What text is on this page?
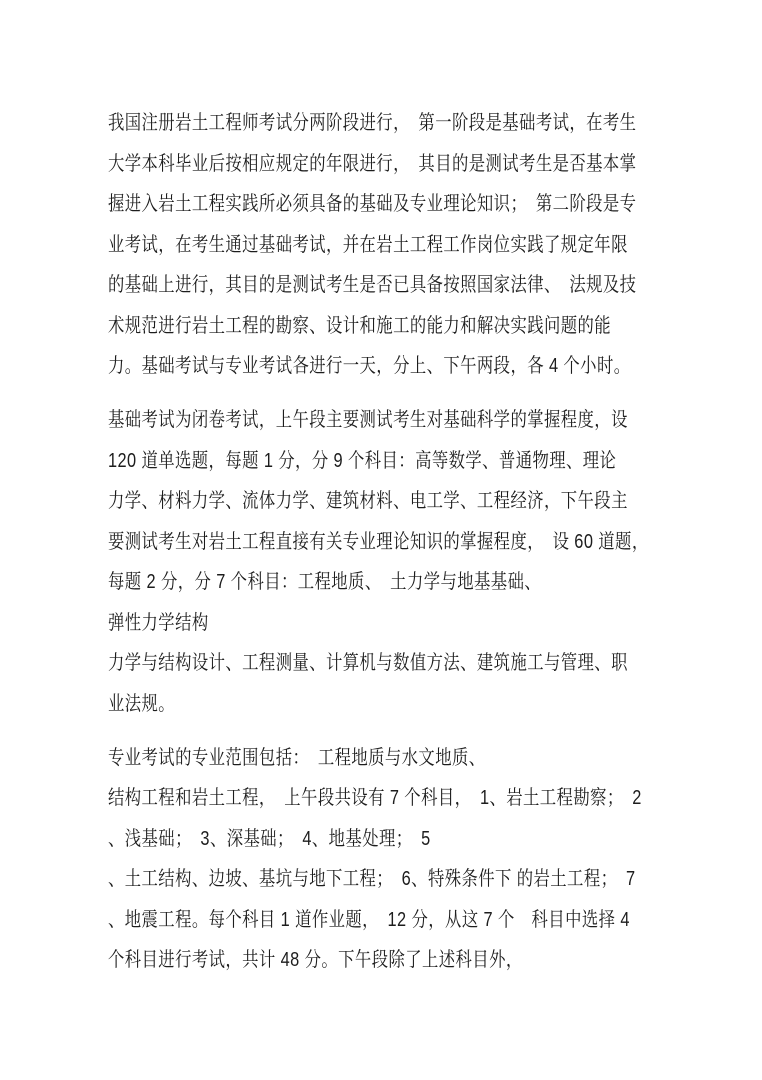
我国注册岩土工程师考试分两阶段进行，　第一阶段是基础考试，在考生
大学本科毕业后按相应规定的年限进行，　其目的是测试考生是否基本掌
握进入岩土工程实践所必须具备的基础及专业理论知识；　第二阶段是专
业考试，在考生通过基础考试，并在岩土工程工作岗位实践了规定年限
的基础上进行，其目的是测试考生是否已具备按照国家法律、　法规及技
术规范进行岩土工程的勘察、设计和施工的能力和解决实践问题的能
力。基础考试与专业考试各进行一天，分上、下午两段，各 4 个小时。
基础考试为闭卷考试，上午段主要测试考生对基础科学的掌握程度，设
120 道单选题，每题 1 分，分 9 个科目：高等数学、普通物理、理论
力学、材料力学、流体力学、建筑材料、电工学、工程经济，下午段主
要测试考生对岩土工程直接有关专业理论知识的掌握程度，　设 60 道题，
每题 2 分，分 7 个科目：工程地质、　土力学与地基基础、
弹性力学结构
力学与结构设计、工程测量、计算机与数值方法、建筑施工与管理、职
业法规。
专业考试的专业范围包括：　工程地质与水文地质、
结构工程和岩土工程，　上午段共设有 7 个科目，　1、岩土工程勘察；　2
、浅基础；　3、深基础；　4、地基处理；　5
、土工结构、边坡、基坑与地下工程；　6、特殊条件下 的岩土工程；　7
、地震工程。每个科目 1 道作业题，　12 分，从这 7 个　科目中选择 4
个科目进行考试，共计 48 分。下午段除了上述科目外，
